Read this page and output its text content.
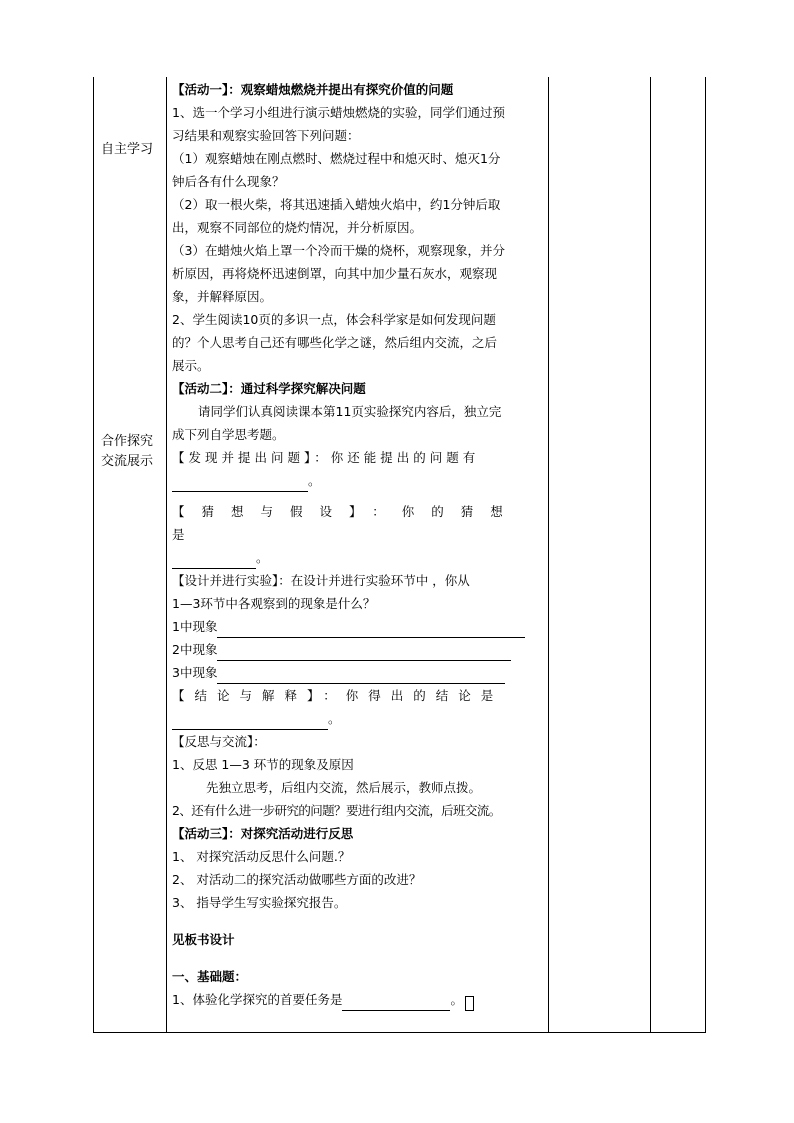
自主学习
合作探究
交流展示

【活动一】：观察蜡烛燃烧并提出有探究价值的问题

1、选一个学习小组进行演示蜡烛燃烧的实验，同学们通过预

习结果和观察实验回答下列问题：

（1）观察蜡烛在刚点燃时、燃烧过程中和熄灭时、熄灭1分

钟后各有什么现象？

（2）取一根火柴，将其迅速插入蜡烛火焰中，约1分钟后取

出，观察不同部位的烧灼情况，并分析原因。

（3）在蜡烛火焰上罩一个冷而干燥的烧杯，观察现象，并分

析原因，再将烧杯迅速倒罩，向其中加少量石灰水，观察现

象，并解释原因。

2、学生阅读10页的多识一点，体会科学家是如何发现问题

的？个人思考自己还有哪些化学之谜，然后组内交流，之后

展示。

【活动二】：通过科学探究解决问题

请同学们认真阅读课本第11页实验探究内容后，独立完

成下列自学思考题。

【发现并提出问题】：你还能提出的问题有

。

【猜想与假设】：你的猜想是

。

【设计并进行实验】：在设计并进行实验环节中 ，你从

1—3环节中各观察到的现象是什么？

1中现象

2中现象

3中现象

【结论与解释】：你得出的结论是

。

【反思与交流】：

1、反思 1—3 环节的现象及原因

先独立思考，后组内交流，然后展示，教师点拨。

2、还有什么进一步研究的问题？要进行组内交流，后班交流。

【活动三】：对探究活动进行反思

1、 对探究活动反思什么问题.？

2、 对活动二的探究活动做哪些方面的改进？

3、 指导学生写实验探究报告。

见板书设计

一、基础题：

1、体验化学探究的首要任务是	。
